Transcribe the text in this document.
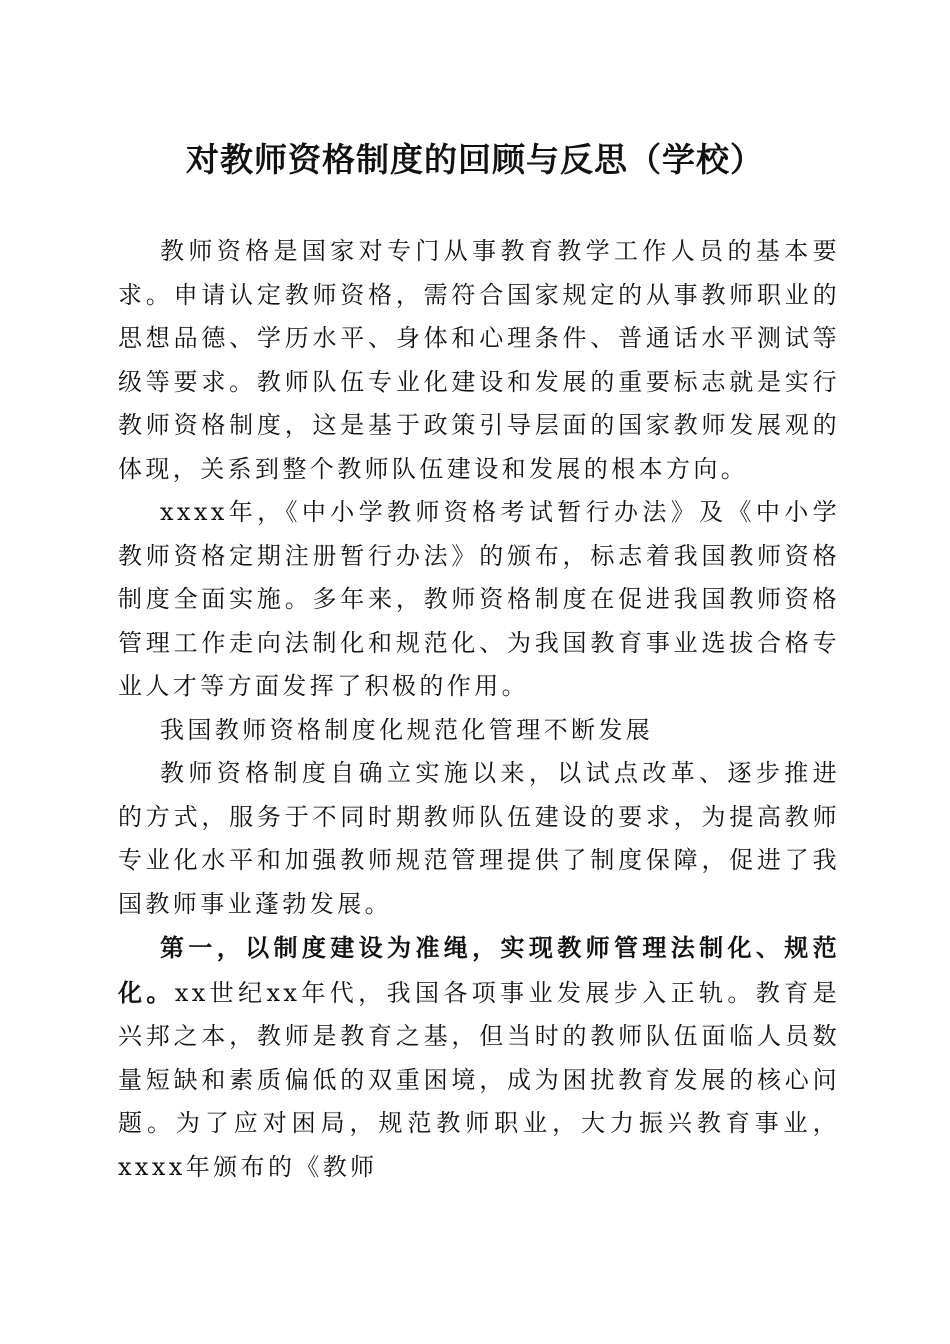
对教师资格制度的回顾与反思（学校）

教师资格是国家对专门从事教育教学工作人员的基本要求。申请认定教师资格，需符合国家规定的从事教师职业的思想品德、学历水平、身体和心理条件、普通话水平测试等级等要求。教师队伍专业化建设和发展的重要标志就是实行教师资格制度，这是基于政策引导层面的国家教师发展观的体现，关系到整个教师队伍建设和发展的根本方向。

xxxx年，《中小学教师资格考试暂行办法》及《中小学教师资格定期注册暂行办法》的颁布，标志着我国教师资格制度全面实施。多年来，教师资格制度在促进我国教师资格管理工作走向法制化和规范化、为我国教育事业选拔合格专业人才等方面发挥了积极的作用。

我国教师资格制度化规范化管理不断发展

教师资格制度自确立实施以来，以试点改革、逐步推进的方式，服务于不同时期教师队伍建设的要求，为提高教师专业化水平和加强教师规范管理提供了制度保障，促进了我国教师事业蓬勃发展。

第一，以制度建设为准绳，实现教师管理法制化、规范化。xx世纪xx年代，我国各项事业发展步入正轨。教育是兴邦之本，教师是教育之基，但当时的教师队伍面临人员数量短缺和素质偏低的双重困境，成为困扰教育发展的核心问题。为了应对困局，规范教师职业，大力振兴教育事业，xxxx年颁布的《教师
